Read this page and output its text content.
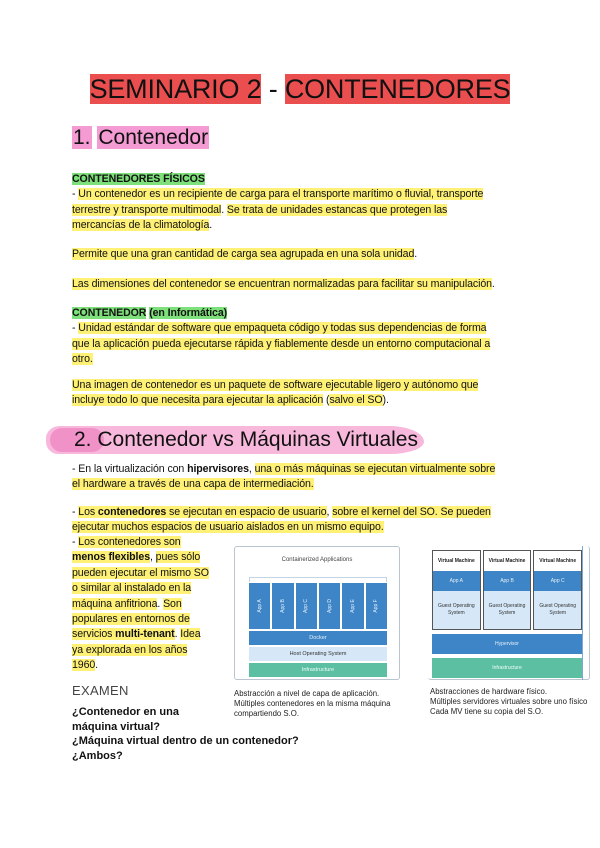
SEMINARIO 2 - CONTENEDORES
1. Contenedor
CONTENEDORES FÍSICOS
- Un contenedor es un recipiente de carga para el transporte marítimo o fluvial, transporte
terrestre y transporte multimodal. Se trata de unidades estancas que protegen las
mercancías de la climatología.
Permite que una gran cantidad de carga sea agrupada en una sola unidad.
Las dimensiones del contenedor se encuentran normalizadas para facilitar su manipulación.
CONTENEDOR (en Informática)
- Unidad estándar de software que empaqueta código y todas sus dependencias de forma
que la aplicación pueda ejecutarse rápida y fiablemente desde un entorno computacional a
otro.
Una imagen de contenedor es un paquete de software ejecutable ligero y autónomo que
incluye todo lo que necesita para ejecutar la aplicación (salvo el SO).
2. Contenedor vs Máquinas Virtuales
- En la virtualización con hipervisores, una o más máquinas se ejecutan virtualmente sobre
el hardware a través de una capa de intermediación.
- Los contenedores se ejecutan en espacio de usuario, sobre el kernel del SO. Se pueden
ejecutar muchos espacios de usuario aislados en un mismo equipo.
- Los contenedores son
menos flexibles, pues sólo
pueden ejecutar el mismo SO
o similar al instalado en la
máquina anfitriona. Son
populares en entornos de
servicios multi-tenant. Idea
ya explorada en los años
1960.
Containerized Applications
App A	App B	App C	App D	App E	App F
Docker
Host Operating System
Infrastructure
Virtual Machine
App A
Guest Operating System
Virtual Machine
App B
Guest Operating System
Virtual Machine
App C
Guest Operating System
Hypervisor
Infrastructure
Abstracción a nivel de capa de aplicación.
Múltiples contenedores en la misma máquina
compartiendo S.O.
Abstracciones de hardware físico.
Múltiples servidores virtuales sobre uno físico
Cada MV tiene su copia del S.O.
EXAMEN
¿Contenedor en una
máquina virtual?
¿Máquina virtual dentro de un contenedor?
¿Ambos?
